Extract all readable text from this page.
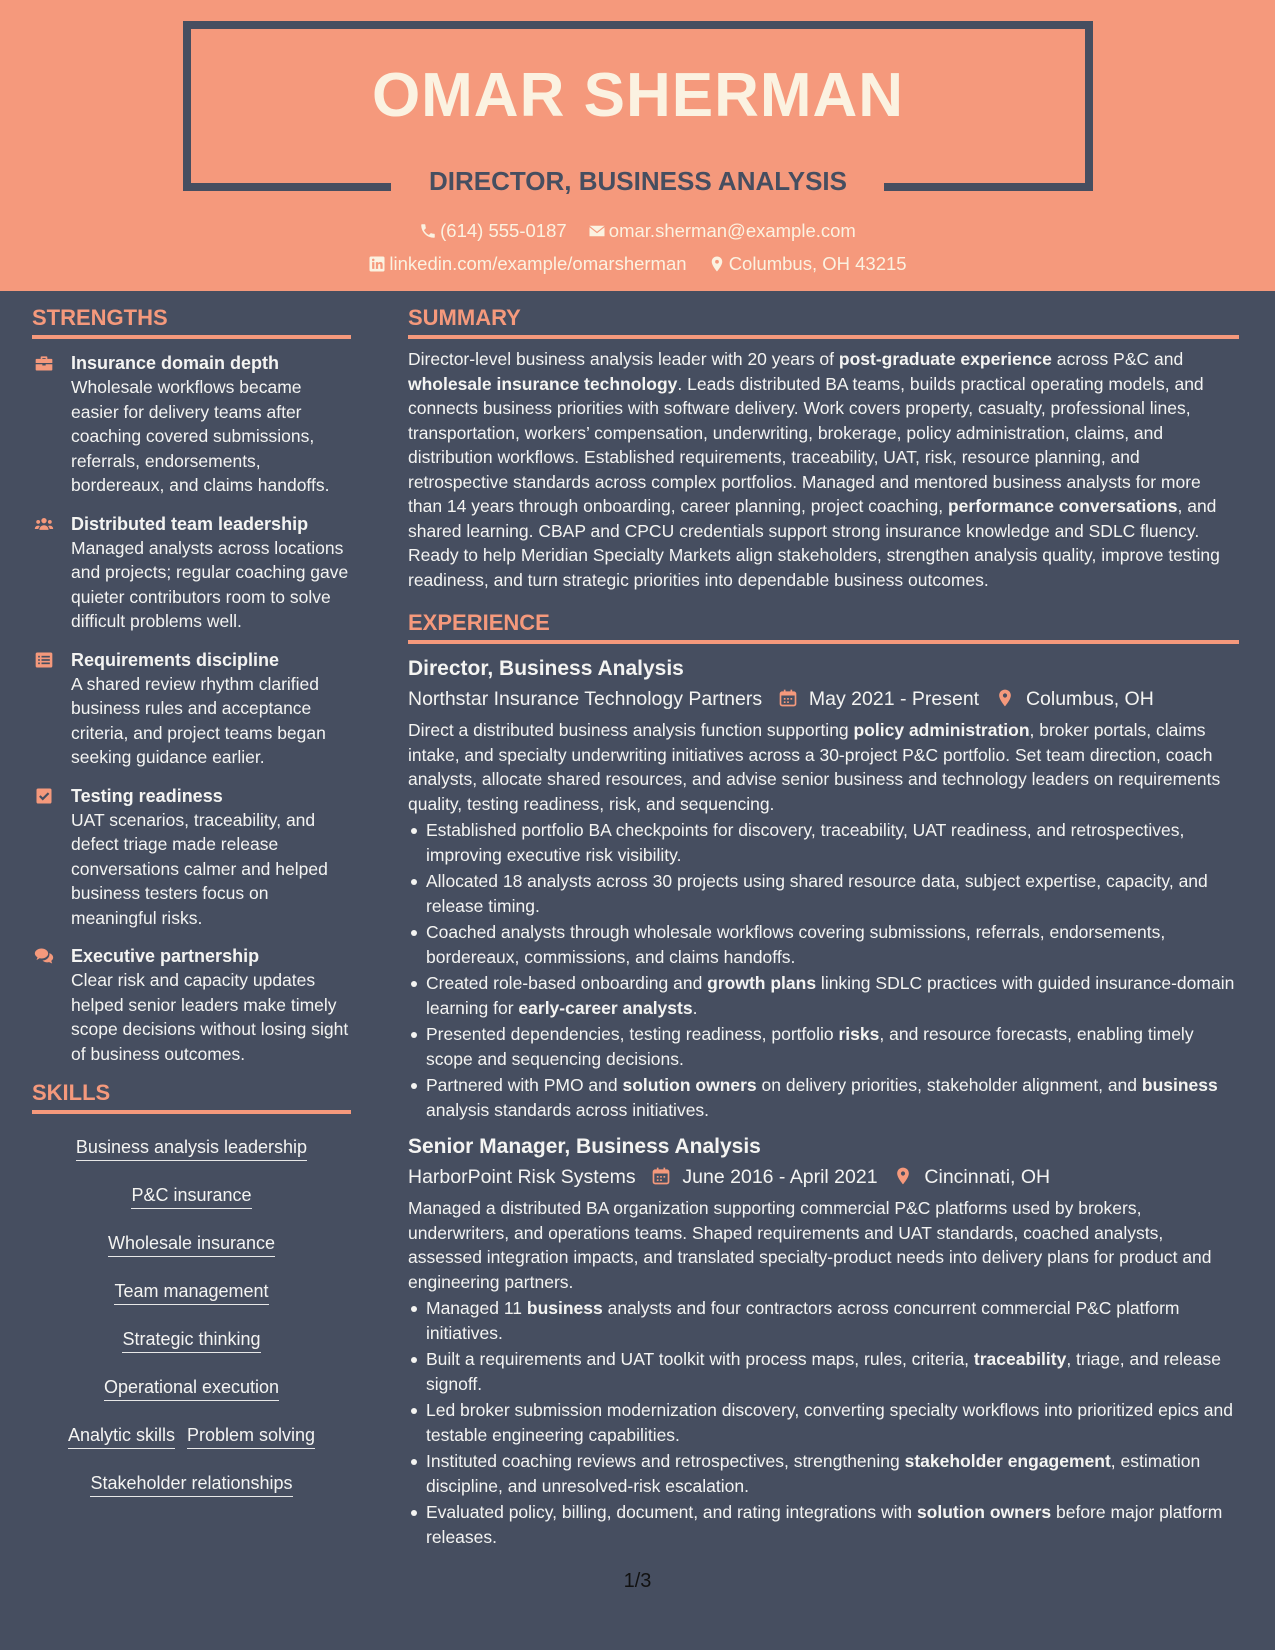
OMAR SHERMAN
DIRECTOR, BUSINESS ANALYSIS
(614) 555-0187 omar.sherman@example.com
linkedin.com/example/omarsherman Columbus, OH 43215
STRENGTHS
Insurance domain depth
Wholesale workflows became easier for delivery teams after coaching covered submissions, referrals, endorsements, bordereaux, and claims handoffs.
Distributed team leadership
Managed analysts across locations and projects; regular coaching gave quieter contributors room to solve difficult problems well.
Requirements discipline
A shared review rhythm clarified business rules and acceptance criteria, and project teams began seeking guidance earlier.
Testing readiness
UAT scenarios, traceability, and defect triage made release conversations calmer and helped business testers focus on meaningful risks.
Executive partnership
Clear risk and capacity updates helped senior leaders make timely scope decisions without losing sight of business outcomes.
SKILLS
Business analysis leadership
P&C insurance
Wholesale insurance
Team management
Strategic thinking
Operational execution
Analytic skills Problem solving
Stakeholder relationships
SUMMARY

Director-level business analysis leader with 20 years of post-graduate experience across P&C and wholesale insurance technology. Leads distributed BA teams, builds practical operating models, and connects business priorities with software delivery. Work covers property, casualty, professional lines, transportation, workers’ compensation, underwriting, brokerage, policy administration, claims, and distribution workflows. Established requirements, traceability, UAT, risk, resource planning, and retrospective standards across complex portfolios. Managed and mentored business analysts for more than 14 years through onboarding, career planning, project coaching, performance conversations, and shared learning. CBAP and CPCU credentials support strong insurance knowledge and SDLC fluency. Ready to help Meridian Specialty Markets align stakeholders, strengthen analysis quality, improve testing readiness, and turn strategic priorities into dependable business outcomes.

EXPERIENCE
Director, Business Analysis
Northstar Insurance Technology Partners May 2021 - Present Columbus, OH

Direct a distributed business analysis function supporting policy administration, broker portals, claims intake, and specialty underwriting initiatives across a 30-project P&C portfolio. Set team direction, coach analysts, allocate shared resources, and advise senior business and technology leaders on requirements quality, testing readiness, risk, and sequencing.

Established portfolio BA checkpoints for discovery, traceability, UAT readiness, and retrospectives, improving executive risk visibility.
Allocated 18 analysts across 30 projects using shared resource data, subject expertise, capacity, and release timing.
Coached analysts through wholesale workflows covering submissions, referrals, endorsements, bordereaux, commissions, and claims handoffs.
Created role-based onboarding and growth plans linking SDLC practices with guided insurance-domain learning for early-career analysts.
Presented dependencies, testing readiness, portfolio risks, and resource forecasts, enabling timely scope and sequencing decisions.
Partnered with PMO and solution owners on delivery priorities, stakeholder alignment, and business analysis standards across initiatives.
Senior Manager, Business Analysis
HarborPoint Risk Systems June 2016 - April 2021 Cincinnati, OH

Managed a distributed BA organization supporting commercial P&C platforms used by brokers, underwriters, and operations teams. Shaped requirements and UAT standards, coached analysts, assessed integration impacts, and translated specialty-product needs into delivery plans for product and engineering partners.

Managed 11 business analysts and four contractors across concurrent commercial P&C platform initiatives.
Built a requirements and UAT toolkit with process maps, rules, criteria, traceability, triage, and release signoff.
Led broker submission modernization discovery, converting specialty workflows into prioritized epics and testable engineering capabilities.
Instituted coaching reviews and retrospectives, strengthening stakeholder engagement, estimation discipline, and unresolved-risk escalation.
Evaluated policy, billing, document, and rating integrations with solution owners before major platform releases.
1/3
